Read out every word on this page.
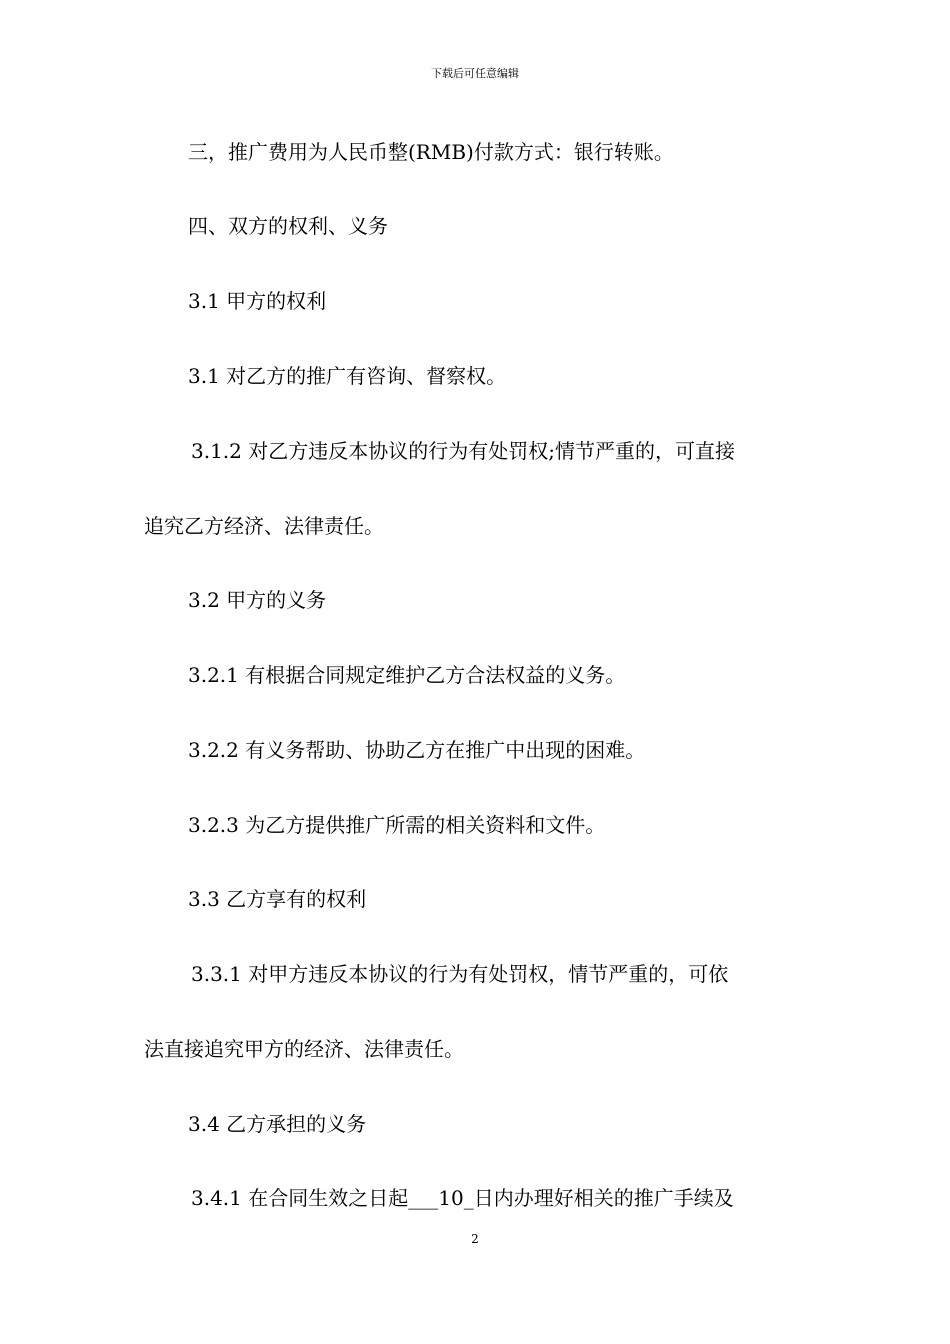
下载后可任意编辑
三，推广费用为人民币整(RMB)付款方式：银行转账。
四、双方的权利、义务
3.1 甲方的权利
3.1 对乙方的推广有咨询、督察权。
3.1.2 对乙方违反本协议的行为有处罚权;情节严重的，可直接
追究乙方经济、法律责任。
3.2 甲方的义务
3.2.1 有根据合同规定维护乙方合法权益的义务。
3.2.2 有义务帮助、协助乙方在推广中出现的困难。
3.2.3 为乙方提供推广所需的相关资料和文件。
3.3 乙方享有的权利
3.3.1 对甲方违反本协议的行为有处罚权，情节严重的，可依
法直接追究甲方的经济、法律责任。
3.4 乙方承担的义务
3.4.1 在合同生效之日起___10_日内办理好相关的推广手续及
2
